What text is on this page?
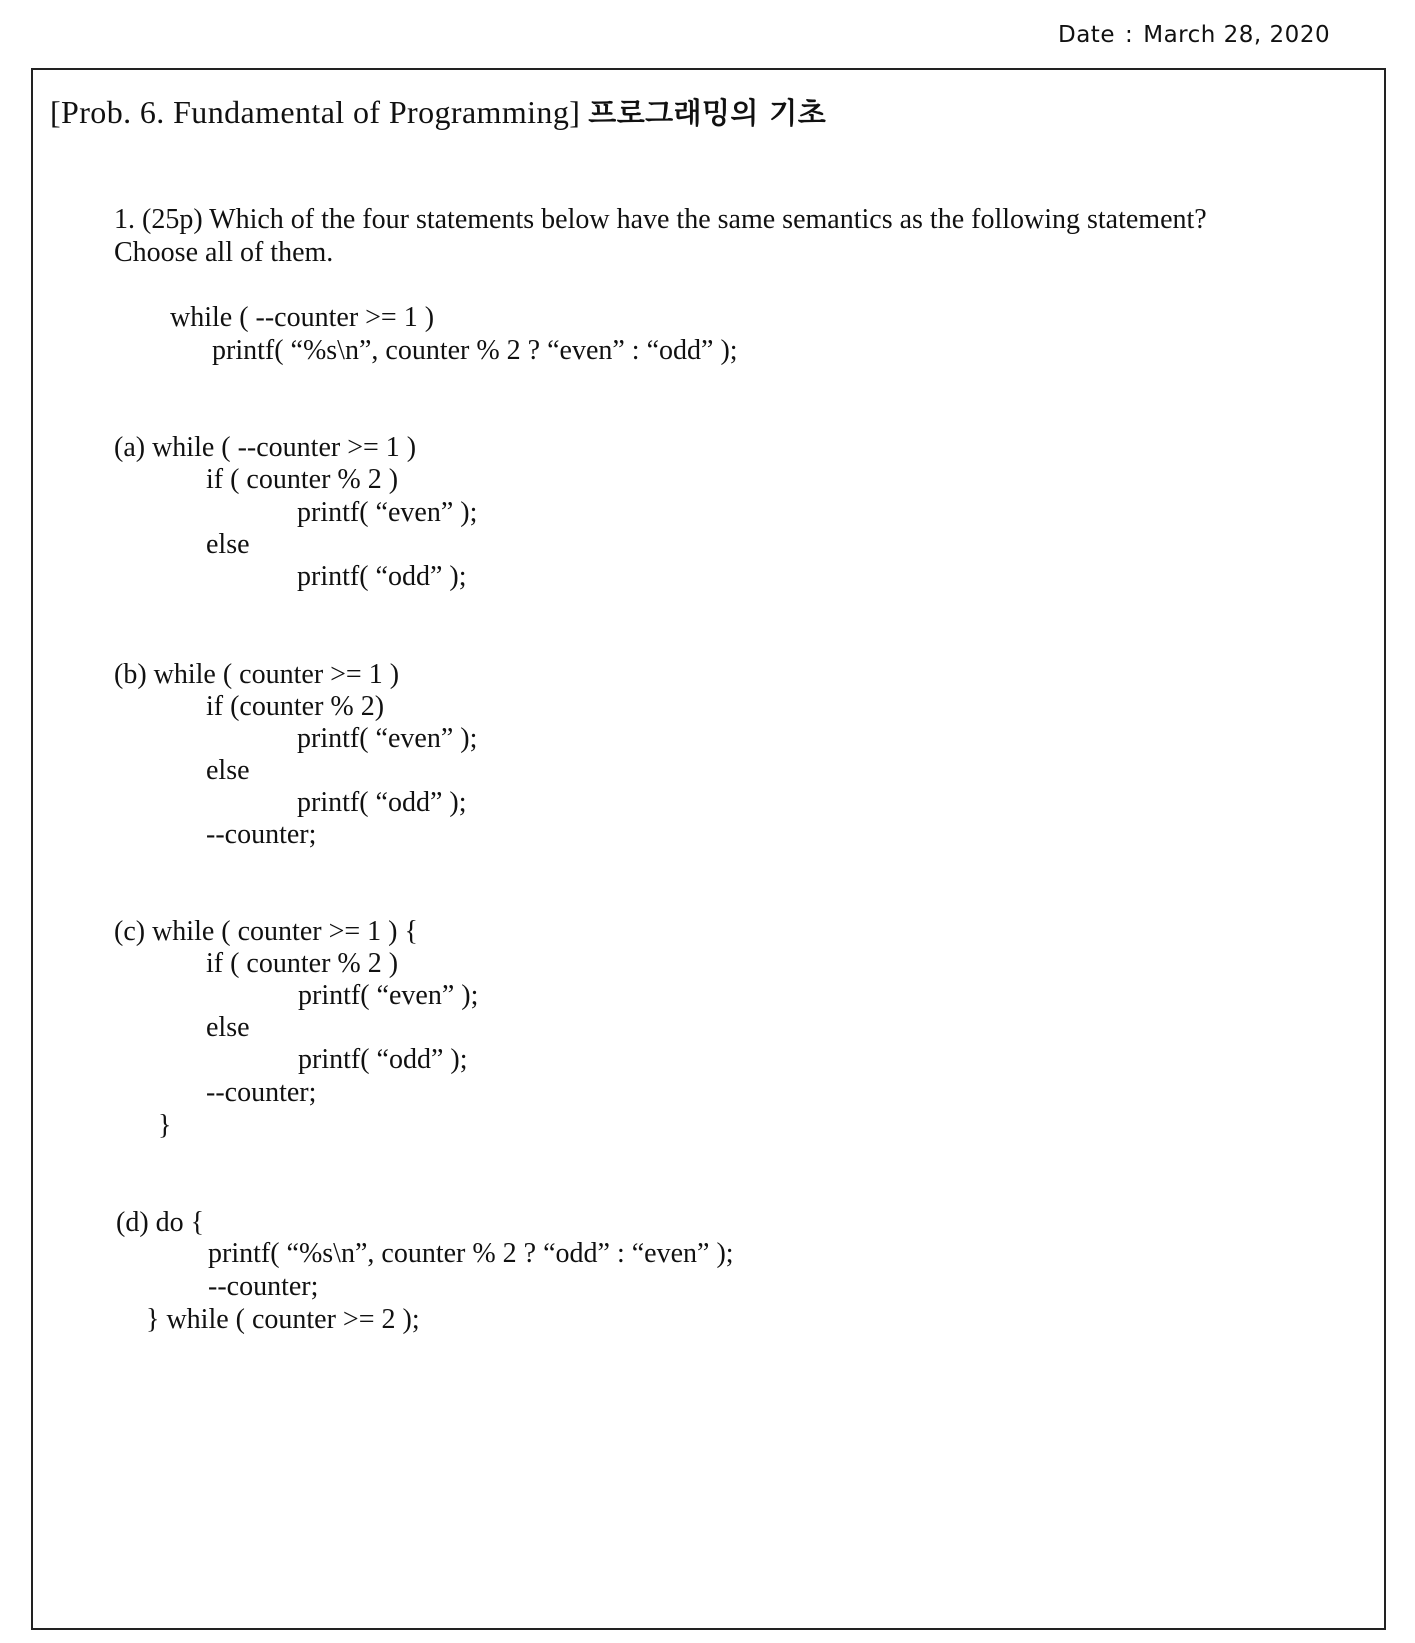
Date : March 28, 2020
[Prob. 6. Fundamental of Programming] 프로그래밍의 기초
1. (25p) Which of the four statements below have the same semantics as the following statement?
Choose all of them.
while ( --counter >= 1 )
printf( “%s\n”, counter % 2 ? “even” : “odd” );
(a) while ( --counter >= 1 )
if ( counter % 2 )
printf( “even” );
else
printf( “odd” );
(b) while ( counter >= 1 )
if (counter % 2)
printf( “even” );
else
printf( “odd” );
--counter;
(c) while ( counter >= 1 ) {
if ( counter % 2 )
printf( “even” );
else
printf( “odd” );
--counter;
}
(d) do {
printf( “%s\n”, counter % 2 ? “odd” : “even” );
--counter;
} while ( counter >= 2 );
